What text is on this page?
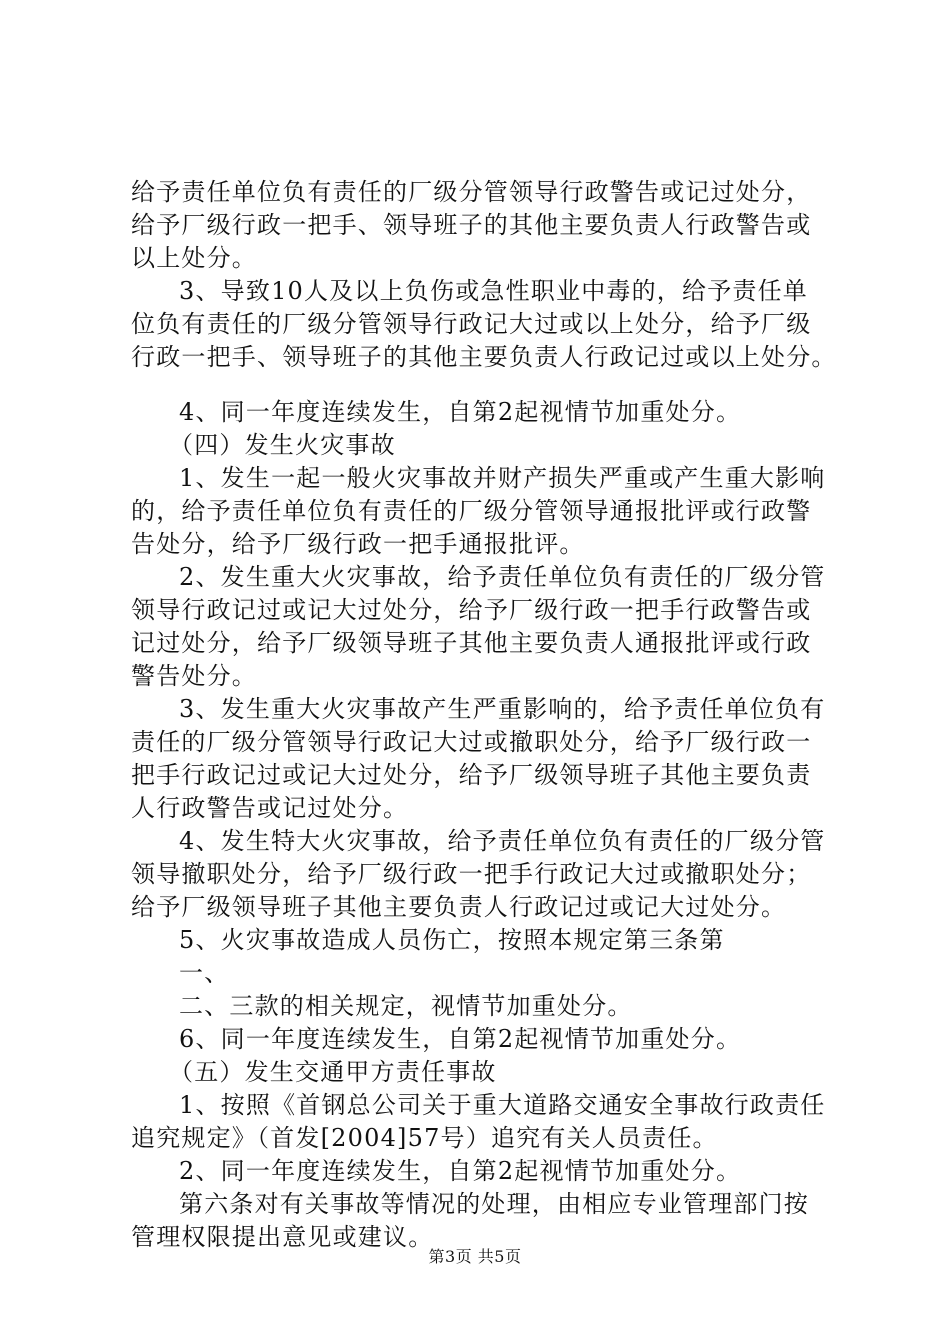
给予责任单位负有责任的厂级分管领导行政警告或记过处分，
给予厂级行政一把手、领导班子的其他主要负责人行政警告或
以上处分。
3、导致10人及以上负伤或急性职业中毒的，给予责任单
位负有责任的厂级分管领导行政记大过或以上处分，给予厂级
行政一把手、领导班子的其他主要负责人行政记过或以上处分。
4、同一年度连续发生，自第2起视情节加重处分。
（四）发生火灾事故
1、发生一起一般火灾事故并财产损失严重或产生重大影响
的，给予责任单位负有责任的厂级分管领导通报批评或行政警
告处分，给予厂级行政一把手通报批评。
2、发生重大火灾事故，给予责任单位负有责任的厂级分管
领导行政记过或记大过处分，给予厂级行政一把手行政警告或
记过处分，给予厂级领导班子其他主要负责人通报批评或行政
警告处分。
3、发生重大火灾事故产生严重影响的，给予责任单位负有
责任的厂级分管领导行政记大过或撤职处分，给予厂级行政一
把手行政记过或记大过处分，给予厂级领导班子其他主要负责
人行政警告或记过处分。
4、发生特大火灾事故，给予责任单位负有责任的厂级分管
领导撤职处分，给予厂级行政一把手行政记大过或撤职处分；
给予厂级领导班子其他主要负责人行政记过或记大过处分。
5、火灾事故造成人员伤亡，按照本规定第三条第
一、
二、三款的相关规定，视情节加重处分。
6、同一年度连续发生，自第2起视情节加重处分。
（五）发生交通甲方责任事故
1、按照《首钢总公司关于重大道路交通安全事故行政责任
追究规定》（首发[2004]57号）追究有关人员责任。
2、同一年度连续发生，自第2起视情节加重处分。
第六条对有关事故等情况的处理，由相应专业管理部门按
管理权限提出意见或建议。
第3页 共5页
